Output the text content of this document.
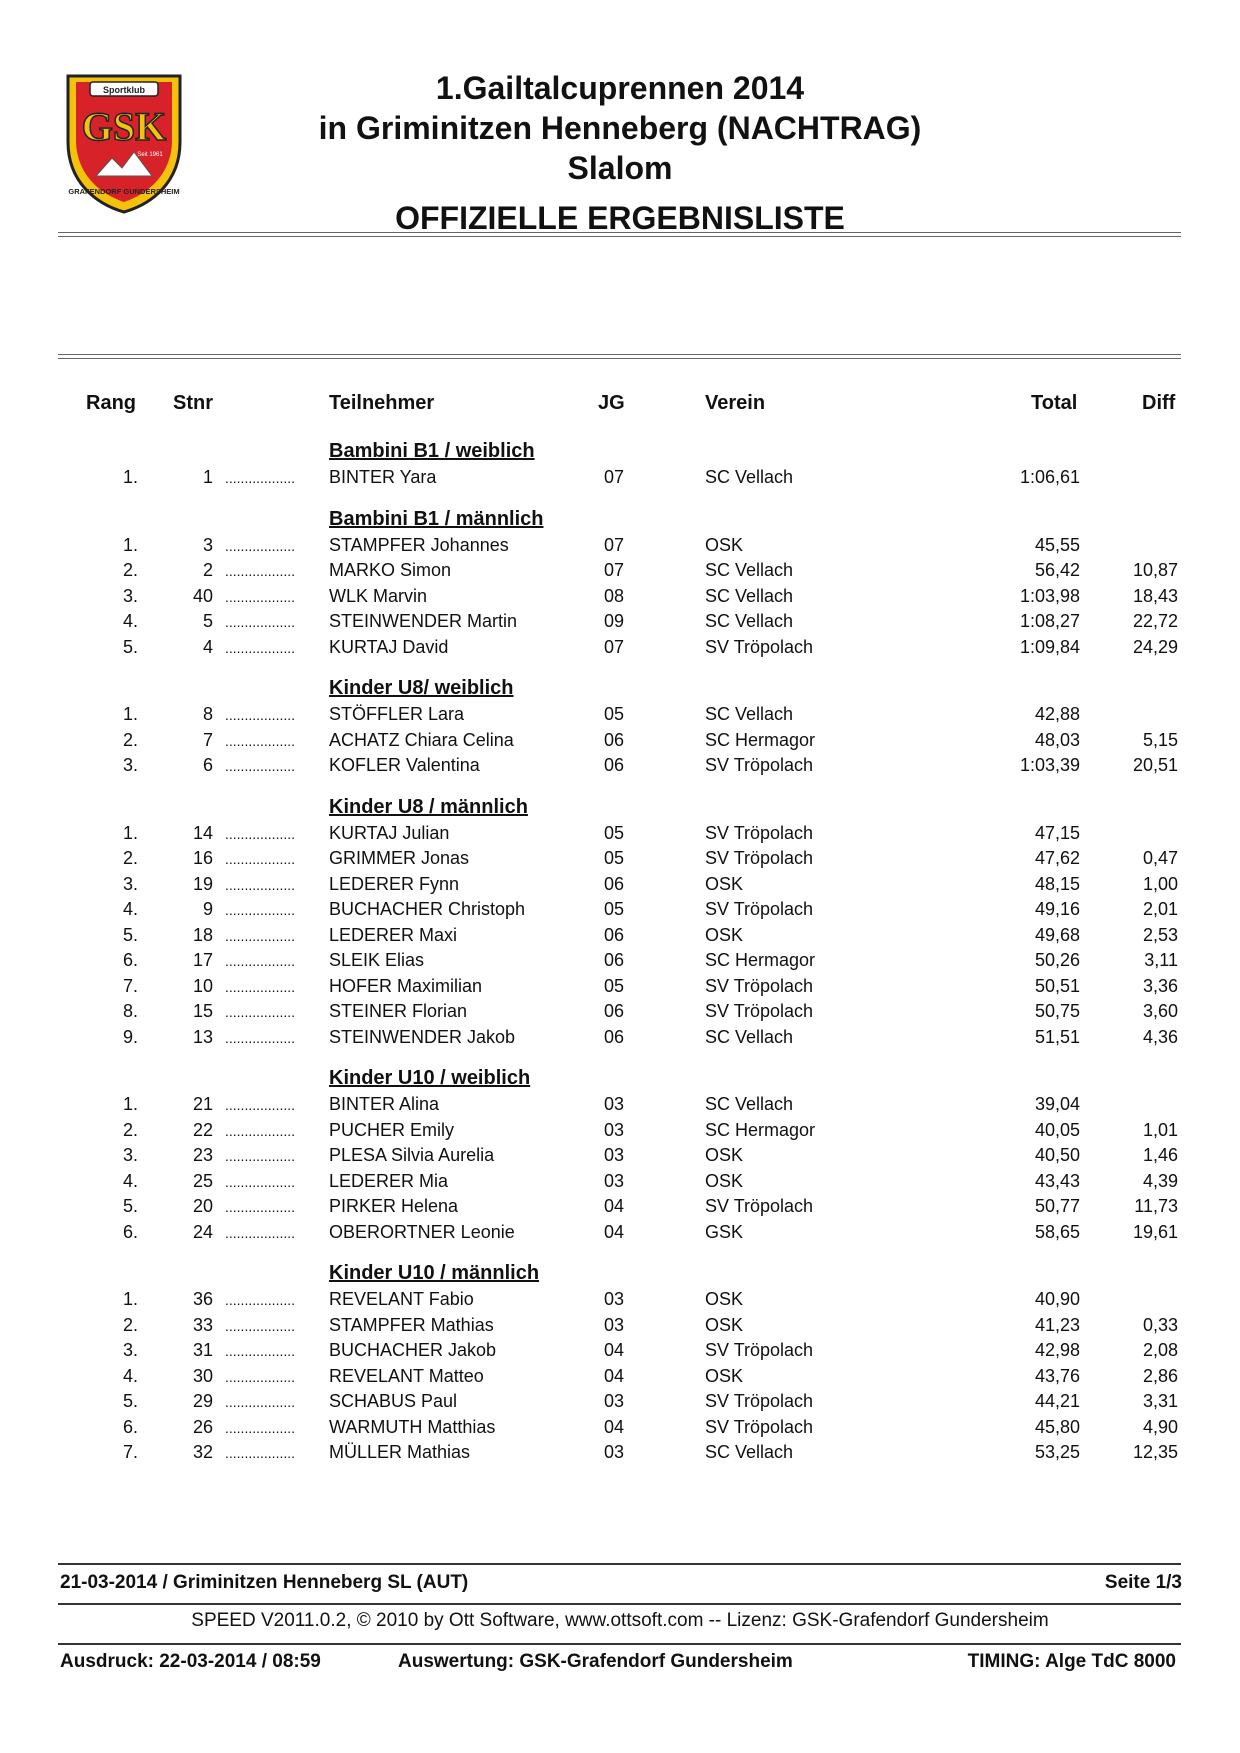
Sportklub
GSK
Seit 1961
GRAFENDORF GUNDERSHEIM
1.Gailtalcuprennen 2014
in Griminitzen Henneberg (NACHTRAG)
Slalom
OFFIZIELLE ERGEBNISLISTE
Rang Stnr	Teilnehmer	JG	Verein	Total	Diff
Bambini B1 / weiblich
1.	1 ..................	BINTER Yara	07	SC Vellach	1:06,61
Bambini B1 / männlich
1.	3 ..................	STAMPFER Johannes	07	OSK	45,55
2.	2 ..................	MARKO Simon	07	SC Vellach	56,42	10,87
3.	40 ..................	WLK Marvin	08	SC Vellach	1:03,98	18,43
4.	5 ..................	STEINWENDER Martin	09	SC Vellach	1:08,27	22,72
5.	4 ..................	KURTAJ David	07	SV Tröpolach	1:09,84	24,29
Kinder U8/ weiblich
1.	8 ..................	STÖFFLER Lara	05	SC Vellach	42,88
2.	7 ..................	ACHATZ Chiara Celina	06	SC Hermagor	48,03	5,15
3.	6 ..................	KOFLER Valentina	06	SV Tröpolach	1:03,39	20,51
Kinder U8 / männlich
1.	14 ..................	KURTAJ Julian	05	SV Tröpolach	47,15
2.	16 ..................	GRIMMER Jonas	05	SV Tröpolach	47,62	0,47
3.	19 ..................	LEDERER Fynn	06	OSK	48,15	1,00
4.	9 ..................	BUCHACHER Christoph	05	SV Tröpolach	49,16	2,01
5.	18 ..................	LEDERER Maxi	06	OSK	49,68	2,53
6.	17 ..................	SLEIK Elias	06	SC Hermagor	50,26	3,11
7.	10 ..................	HOFER Maximilian	05	SV Tröpolach	50,51	3,36
8.	15 ..................	STEINER Florian	06	SV Tröpolach	50,75	3,60
9.	13 ..................	STEINWENDER Jakob	06	SC Vellach	51,51	4,36
Kinder U10 / weiblich
1.	21 ..................	BINTER Alina	03	SC Vellach	39,04
2.	22 ..................	PUCHER Emily	03	SC Hermagor	40,05	1,01
3.	23 ..................	PLESA Silvia Aurelia	03	OSK	40,50	1,46
4.	25 ..................	LEDERER Mia	03	OSK	43,43	4,39
5.	20 ..................	PIRKER Helena	04	SV Tröpolach	50,77	11,73
6.	24 ..................	OBERORTNER Leonie	04	GSK	58,65	19,61
Kinder U10 / männlich
1.	36 ..................	REVELANT Fabio	03	OSK	40,90
2.	33 ..................	STAMPFER Mathias	03	OSK	41,23	0,33
3.	31 ..................	BUCHACHER Jakob	04	SV Tröpolach	42,98	2,08
4.	30 ..................	REVELANT Matteo	04	OSK	43,76	2,86
5.	29 ..................	SCHABUS Paul	03	SV Tröpolach	44,21	3,31
6.	26 ..................	WARMUTH Matthias	04	SV Tröpolach	45,80	4,90
7.	32 ..................	MÜLLER Mathias	03	SC Vellach	53,25	12,35
21-03-2014 / Griminitzen Henneberg SL (AUT)	Seite 1/3
SPEED V2011.0.2, © 2010 by Ott Software, www.ottsoft.com -- Lizenz: GSK-Grafendorf Gundersheim
Ausdruck: 22-03-2014 / 08:59	Auswertung: GSK-Grafendorf Gundersheim	TIMING: Alge TdC 8000
